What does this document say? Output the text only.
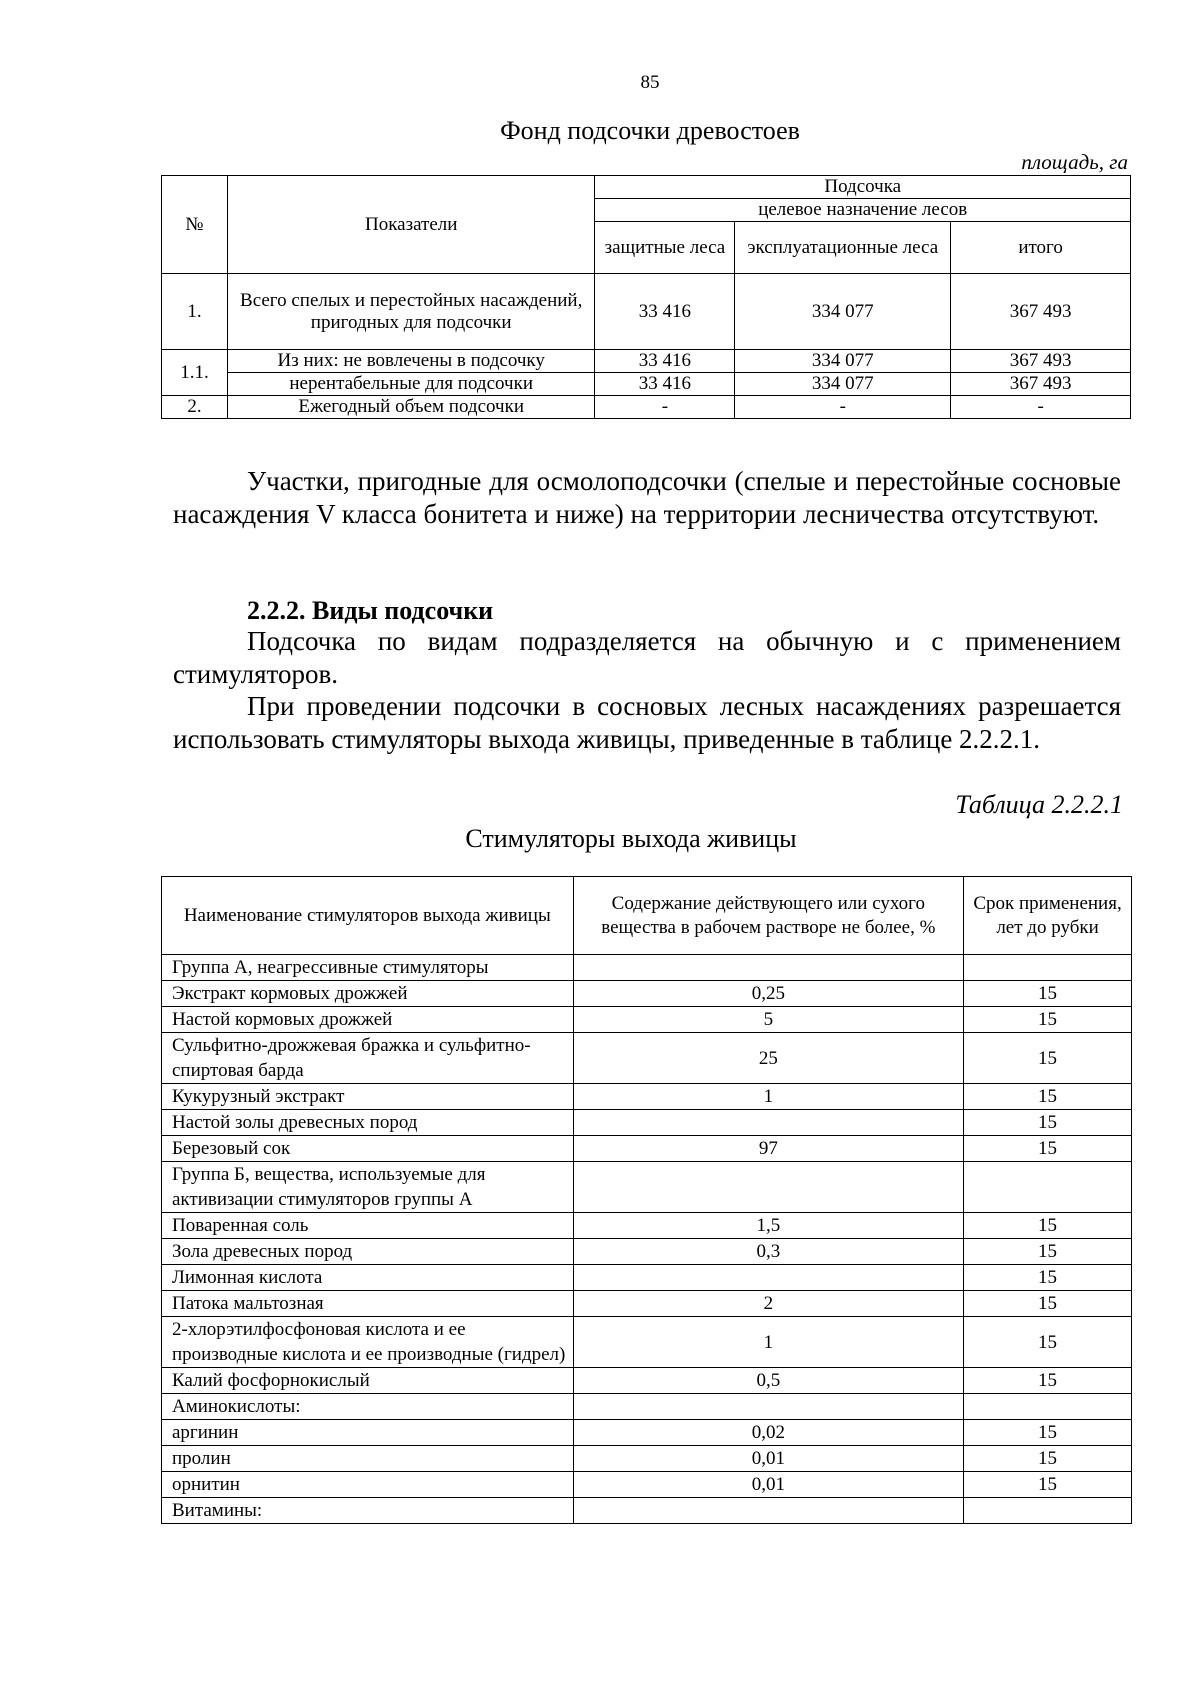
85
Фонд подсочки древостоев
площадь, га
№	Показатели	Подсочка		
		целевое назначение лесов		
		защитные леса	эксплуатационные леса	итого
1.	Всего спелых и перестойных насаждений, пригодных для подсочки	33 416	334 077	367 493
1.1.	Из них: не вовлечены в подсочку	33 416	334 077	367 493
	нерентабельные для подсочки	33 416	334 077	367 493
2.	Ежегодный объем подсочки	-	-	-
Участки, пригодные для осмолоподсочки (спелые и перестойные сосновые насаждения V класса бонитета и ниже) на территории лесничества отсутствуют.
2.2.2. Виды подсочки
Подсочка по видам подразделяется на обычную и с применением стимуляторов.
При проведении подсочки в сосновых лесных насаждениях разрешается использовать стимуляторы выхода живицы, приведенные в таблице 2.2.2.1.
Таблица 2.2.2.1
Стимуляторы выхода живицы
Наименование стимуляторов выхода живицы	Содержание действующего или сухого вещества в рабочем растворе не более, %	Срок применения, лет до рубки
Группа А, неагрессивные стимуляторы		
Экстракт кормовых дрожжей	0,25	15
Настой кормовых дрожжей	5	15
Сульфитно-дрожжевая бражка и сульфитно-спиртовая барда	25	15
Кукурузный экстракт	1	15
Настой золы древесных пород		15
Березовый сок	97	15
Группа Б, вещества, используемые для активизации стимуляторов группы А		
Поваренная соль	1,5	15
Зола древесных пород	0,3	15
Лимонная кислота		15
Патока мальтозная	2	15
2-хлорэтилфосфоновая кислота и ее производные кислота и ее производные (гидрел)	1	15
Калий фосфорнокислый	0,5	15
Аминокислоты:		
аргинин	0,02	15
пролин	0,01	15
орнитин	0,01	15
Витамины:		
